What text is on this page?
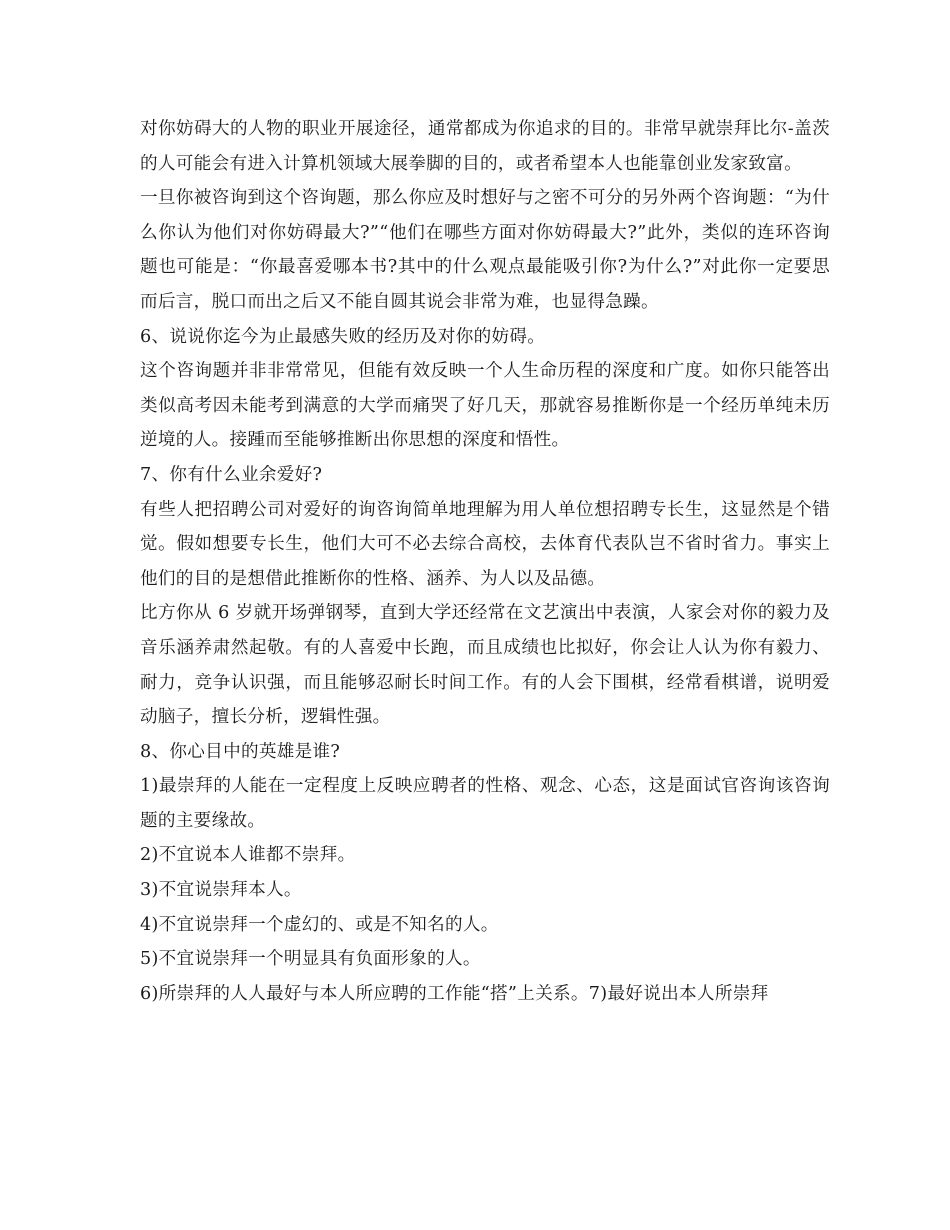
对你妨碍大的人物的职业开展途径，通常都成为你追求的目的。非常早就崇拜比尔-盖茨的人可能会有进入计算机领域大展拳脚的目的，或者希望本人也能靠创业发家致富。

一旦你被咨询到这个咨询题，那么你应及时想好与之密不可分的另外两个咨询题：“为什么你认为他们对你妨碍最大?”“他们在哪些方面对你妨碍最大?”此外，类似的连环咨询题也可能是：“你最喜爱哪本书?其中的什么观点最能吸引你?为什么?”对此你一定要思而后言，脱口而出之后又不能自圆其说会非常为难，也显得急躁。

6、说说你迄今为止最感失败的经历及对你的妨碍。

这个咨询题并非非常常见，但能有效反映一个人生命历程的深度和广度。如你只能答出类似高考因未能考到满意的大学而痛哭了好几天，那就容易推断你是一个经历单纯未历逆境的人。接踵而至能够推断出你思想的深度和悟性。

7、你有什么业余爱好?

有些人把招聘公司对爱好的询咨询简单地理解为用人单位想招聘专长生，这显然是个错觉。假如想要专长生，他们大可不必去综合高校，去体育代表队岂不省时省力。事实上他们的目的是想借此推断你的性格、涵养、为人以及品德。

比方你从 6 岁就开场弹钢琴，直到大学还经常在文艺演出中表演，人家会对你的毅力及音乐涵养肃然起敬。有的人喜爱中长跑，而且成绩也比拟好，你会让人认为你有毅力、耐力，竞争认识强，而且能够忍耐长时间工作。有的人会下围棋，经常看棋谱，说明爱动脑子，擅长分析，逻辑性强。

8、你心目中的英雄是谁?

1)最崇拜的人能在一定程度上反映应聘者的性格、观念、心态，这是面试官咨询该咨询题的主要缘故。

2)不宜说本人谁都不崇拜。

3)不宜说崇拜本人。

4)不宜说崇拜一个虚幻的、或是不知名的人。

5)不宜说崇拜一个明显具有负面形象的人。

6)所崇拜的人人最好与本人所应聘的工作能“搭”上关系。7)最好说出本人所崇拜
